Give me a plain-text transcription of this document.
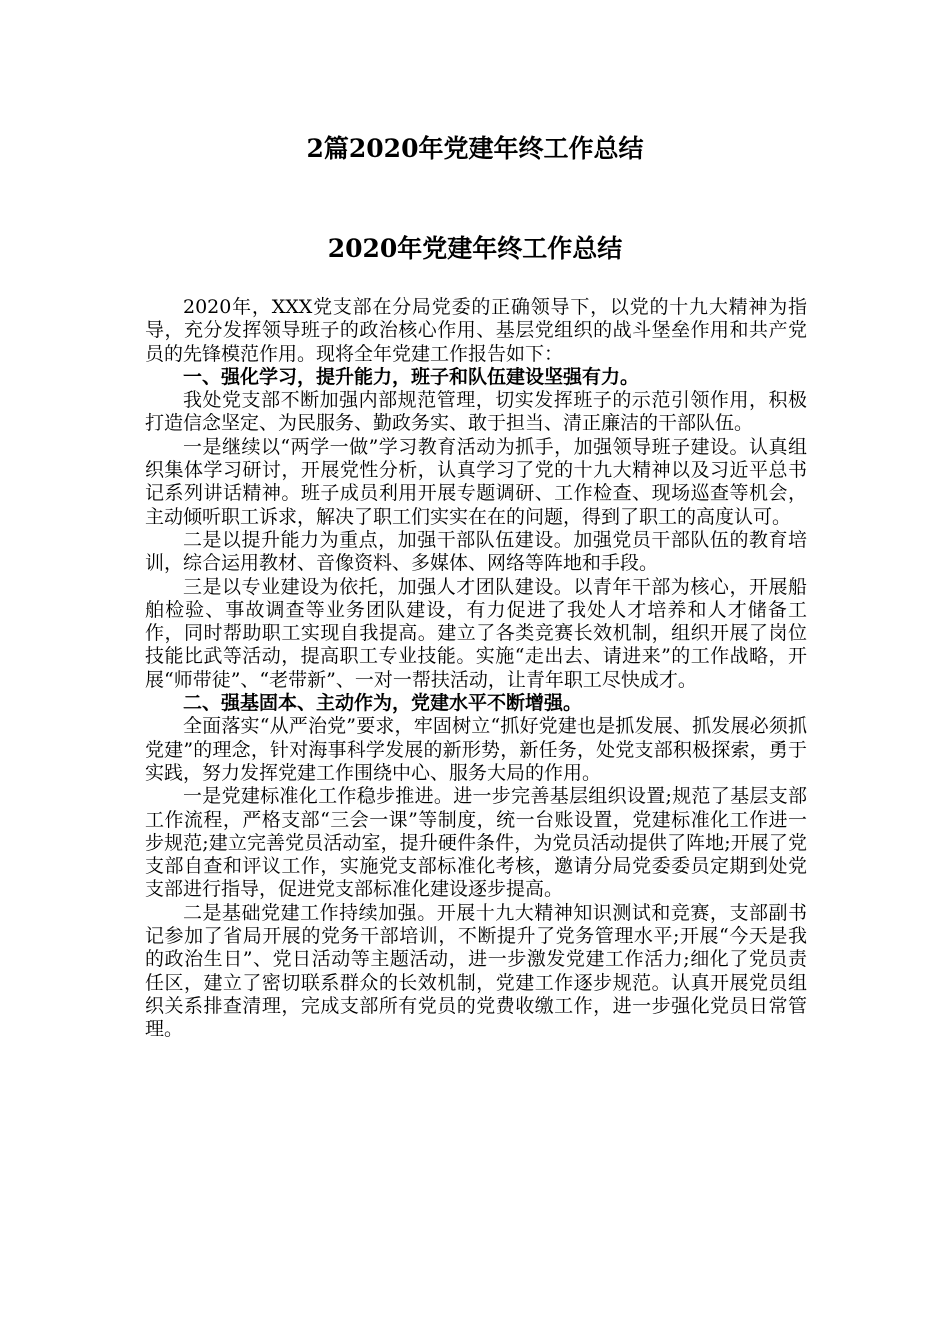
2篇2020年党建年终工作总结
2020年党建年终工作总结

2020年，XXX党支部在分局党委的正确领导下，以党的十九大精神为指导，充分发挥领导班子的政治核心作用、基层党组织的战斗堡垒作用和共产党员的先锋模范作用。现将全年党建工作报告如下：

一、强化学习，提升能力，班子和队伍建设坚强有力。

我处党支部不断加强内部规范管理，切实发挥班子的示范引领作用，积极打造信念坚定、为民服务、勤政务实、敢于担当、清正廉洁的干部队伍。

一是继续以“两学一做”学习教育活动为抓手，加强领导班子建设。认真组织集体学习研讨，开展党性分析，认真学习了党的十九大精神以及习近平总书记系列讲话精神。班子成员利用开展专题调研、工作检查、现场巡查等机会，主动倾听职工诉求，解决了职工们实实在在的问题，得到了职工的高度认可。

二是以提升能力为重点，加强干部队伍建设。加强党员干部队伍的教育培训，综合运用教材、音像资料、多媒体、网络等阵地和手段。

三是以专业建设为依托，加强人才团队建设。以青年干部为核心，开展船舶检验、事故调查等业务团队建设，有力促进了我处人才培养和人才储备工作，同时帮助职工实现自我提高。建立了各类竞赛长效机制，组织开展了岗位技能比武等活动，提高职工专业技能。实施“走出去、请进来”的工作战略，开展“师带徒”、“老带新”、一对一帮扶活动，让青年职工尽快成才。

二、强基固本、主动作为，党建水平不断增强。

全面落实“从严治党”要求，牢固树立“抓好党建也是抓发展、抓发展必须抓党建”的理念，针对海事科学发展的新形势，新任务，处党支部积极探索，勇于实践，努力发挥党建工作围绕中心、服务大局的作用。

一是党建标准化工作稳步推进。进一步完善基层组织设置;规范了基层支部工作流程，严格支部“三会一课”等制度，统一台账设置，党建标准化工作进一步规范;建立完善党员活动室，提升硬件条件，为党员活动提供了阵地;开展了党支部自查和评议工作，实施党支部标准化考核，邀请分局党委委员定期到处党支部进行指导，促进党支部标准化建设逐步提高。

二是基础党建工作持续加强。开展十九大精神知识测试和竞赛，支部副书记参加了省局开展的党务干部培训，不断提升了党务管理水平;开展“今天是我的政治生日”、党日活动等主题活动，进一步激发党建工作活力;细化了党员责任区，建立了密切联系群众的长效机制，党建工作逐步规范。认真开展党员组织关系排查清理，完成支部所有党员的党费收缴工作，进一步强化党员日常管理。
